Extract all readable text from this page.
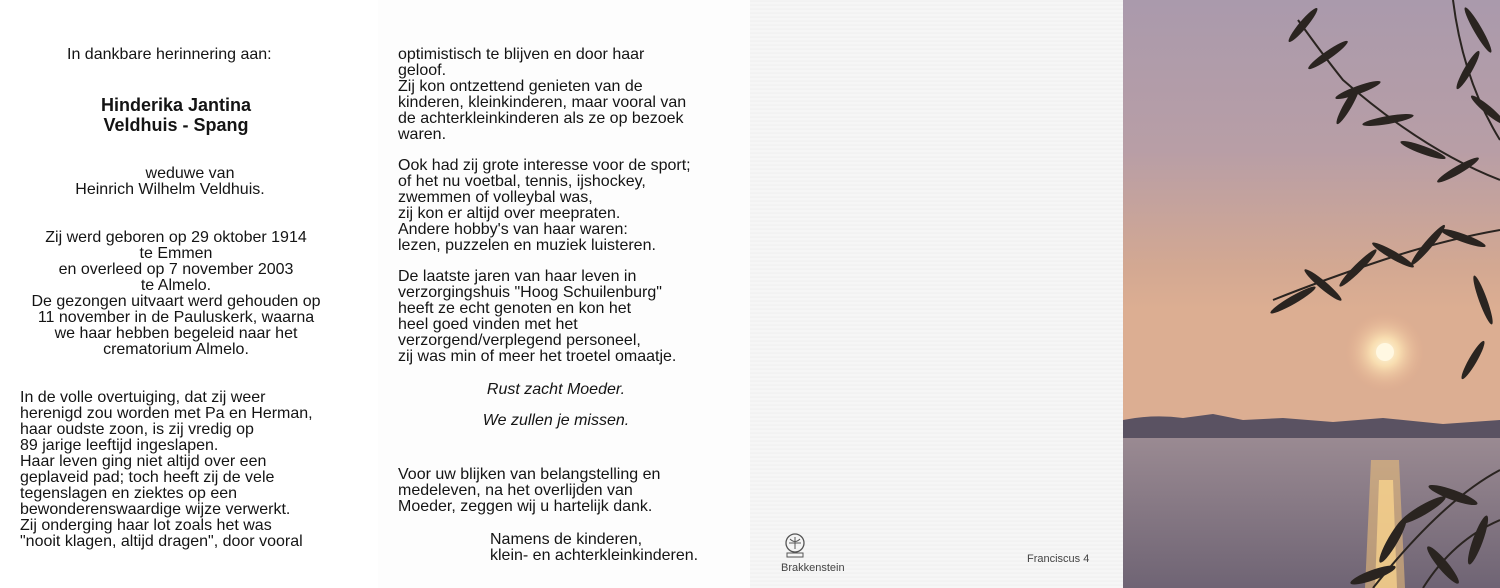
In dankbare herinnering aan:

Hinderika Jantina

Veldhuis - Spang

weduwe van

Heinrich Wilhelm Veldhuis.

Zij werd geboren op 29 oktober 1914

te Emmen

en overleed op 7 november 2003

te Almelo.

De gezongen uitvaart werd gehouden op

11 november in de Pauluskerk, waarna

we haar hebben begeleid naar het

crematorium Almelo.

In de volle overtuiging, dat zij weer

herenigd zou worden met Pa en Herman,

haar oudste zoon, is zij vredig op

89 jarige leeftijd ingeslapen.

Haar leven ging niet altijd over een

geplaveid pad; toch heeft zij de vele

tegenslagen en ziektes op een

bewonderenswaardige wijze verwerkt.

Zij onderging haar lot zoals het was

"nooit klagen, altijd dragen", door vooral

optimistisch te blijven en door haar

geloof.

Zij kon ontzettend genieten van de

kinderen, kleinkinderen, maar vooral van

de achterkleinkinderen als ze op bezoek

waren.

Ook had zij grote interesse voor de sport;

of het nu voetbal, tennis, ijshockey,

zwemmen of volleybal was,

zij kon er altijd over meepraten.

Andere hobby's van haar waren:

lezen, puzzelen en muziek luisteren.

De laatste jaren van haar leven in

verzorgingshuis "Hoog Schuilenburg"

heeft ze echt genoten en kon het

heel goed vinden met het

verzorgend/verplegend personeel,

zij was min of meer het troetel omaatje.

Rust zacht Moeder.

We zullen je missen.

Voor uw blijken van belangstelling en

medeleven, na het overlijden van

Moeder, zeggen wij u hartelijk dank.

Namens de kinderen,

klein- en achterkleinkinderen.

Brakkenstein
Franciscus 4
